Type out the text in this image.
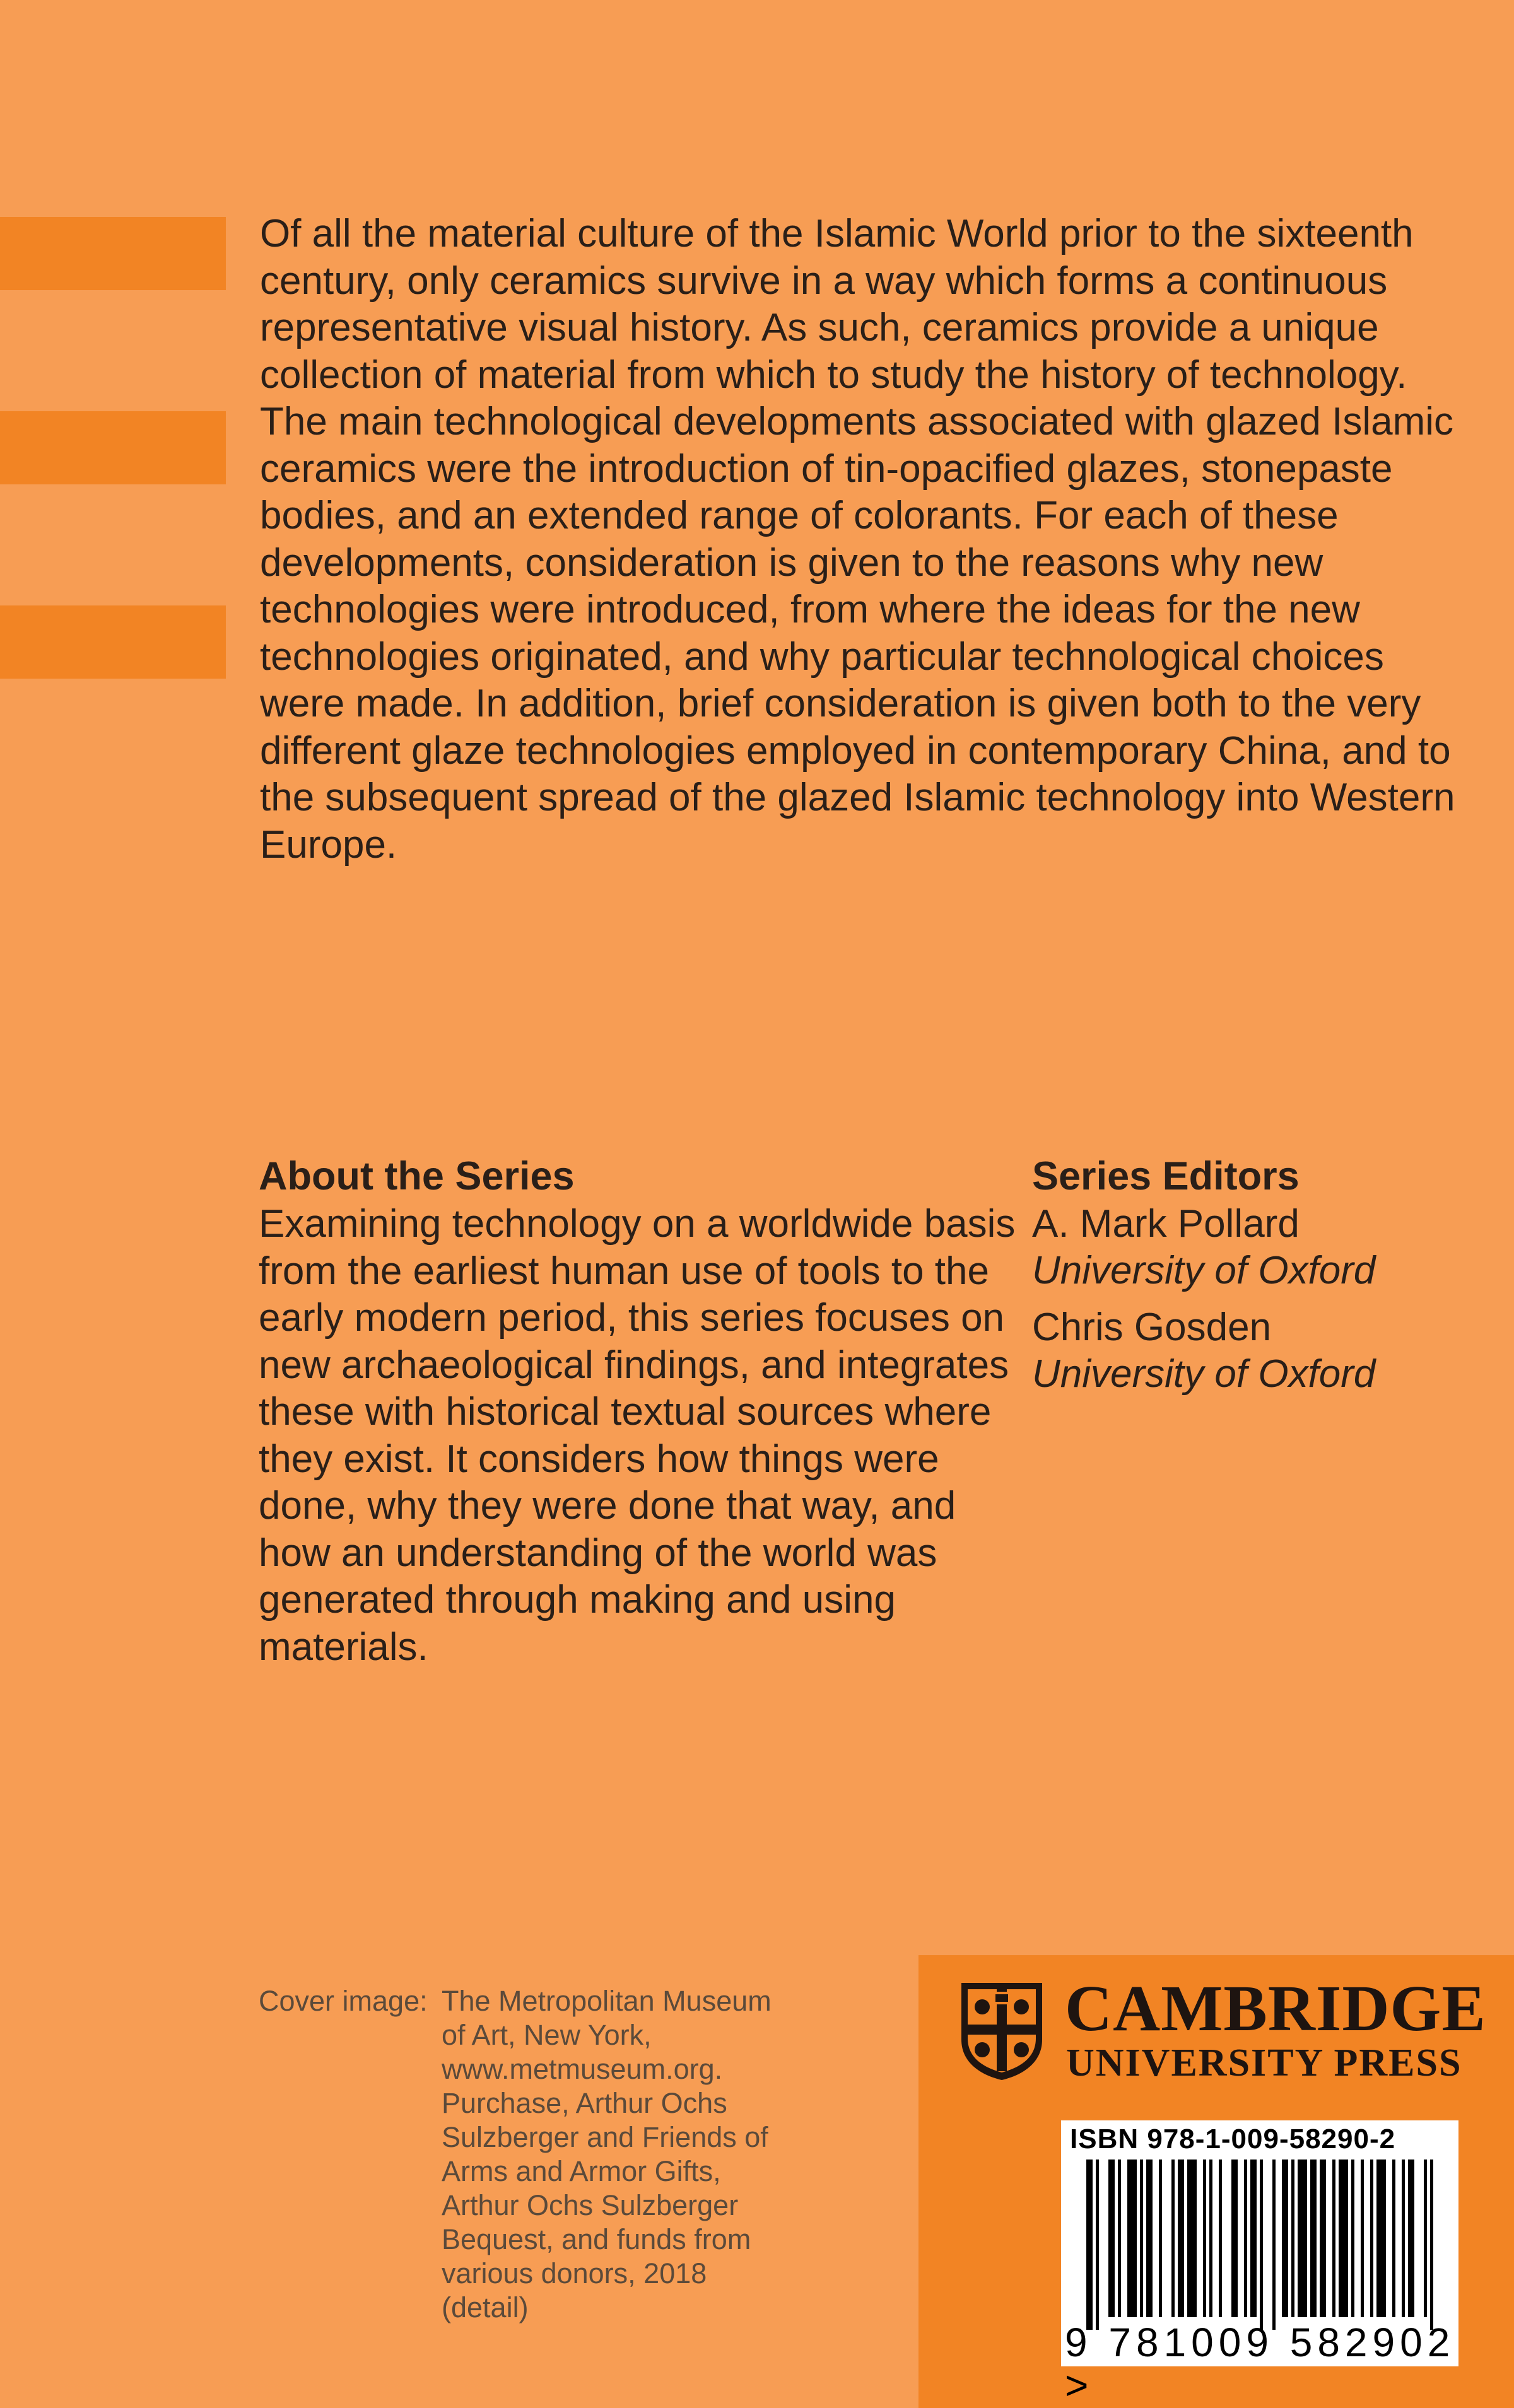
Of all the material culture of the Islamic World prior to the sixteenth century, only ceramics survive in a way which forms a continuous representative visual history. As such, ceramics provide a unique collection of material from which to study the history of technology. The main technological developments associated with glazed Islamic ceramics were the introduction of tin-opacified glazes, stonepaste bodies, and an extended range of colorants. For each of these developments, consideration is given to the reasons why new technologies were introduced, from where the ideas for the new technologies originated, and why particular technological choices were made. In addition, brief consideration is given both to the very different glaze technologies employed in contemporary China, and to the subsequent spread of the glazed Islamic technology into Western Europe.

About the Series

Examining technology on a worldwide basis from the earliest human use of tools to the early modern period, this series focuses on new archaeological findings, and integrates these with historical textual sources where they exist. It considers how things were done, why they were done that way, and how an understanding of the world was generated through making and using materials.

Series Editors
A. Mark Pollard
University of Oxford
Chris Gosden
University of Oxford
Cover image: The Metropolitan Museum of Art, New York, www.metmuseum.org. Purchase, Arthur Ochs Sulzberger and Friends of Arms and Armor Gifts, Arthur Ochs Sulzberger Bequest, and funds from various donors, 2018 (detail)

CAMBRIDGE
UNIVERSITY PRESS
ISBN 978-1-009-58290-2
9 781009 582902 >
